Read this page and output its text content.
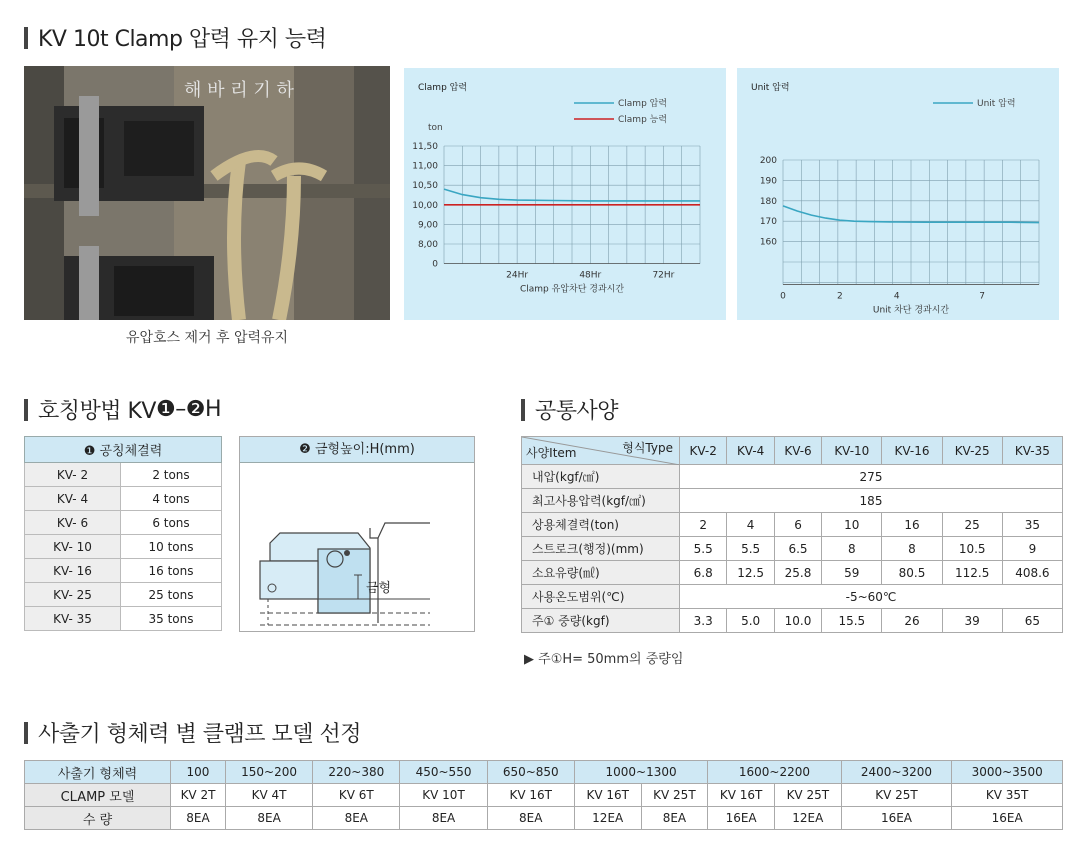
KV 10t Clamp 압력 유지 능력
해 바 리 기 하
유압호스 제거 후 압력유지
Clamp 압력
ton
Clamp 압력
Clamp 능력
11,50
11,00
10,50
10,00
9,00
8,00
0
24Hr	48Hr	72Hr
Clamp 유압차단 경과시간
Unit 압력
Unit 압력
200
190
180
170
160
0	2	4	7
Unit 차단 경과시간
호칭방법 KV ❶ – ❷ H
❶ 공칭체결력	
KV- 2	2 tons
KV- 4	4 tons
KV- 6	6 tons
KV- 10	10 tons
KV- 16	16 tons
KV- 25	25 tons
KV- 35	35 tons
❷ 금형높이:H(mm)
금형
공통사양
형식Type
사양Item	KV-2	KV-4	KV-6	KV-10	KV-16	KV-25	KV-35
내압(kgf/㎠)	275						
최고사용압력(kgf/㎠)	185						
상용체결력(ton)	2	4	6	10	16	25	35
스트로크(행정)(mm)	5.5	5.5	6.5	8	8	10.5	9
소요유량(㎖)	6.8	12.5	25.8	59	80.5	112.5	408.6
사용온도범위(℃)	-5~60℃						
주① 중량(kgf)	3.3	5.0	10.0	15.5	26	39	65
▶ 주①H= 50mm의 중량임
사출기 형체력 별 클램프 모델 선정
사출기 형체력	100	150~200	220~380	450~550	650~850	1000~1300		1600~2200		2400~3200	3000~3500
CLAMP 모델	KV 2T	KV 4T	KV 6T	KV 10T	KV 16T	KV 16T	KV 25T	KV 16T	KV 25T	KV 25T	KV 35T
수 량	8EA	8EA	8EA	8EA	8EA	12EA	8EA	16EA	12EA	16EA	16EA
